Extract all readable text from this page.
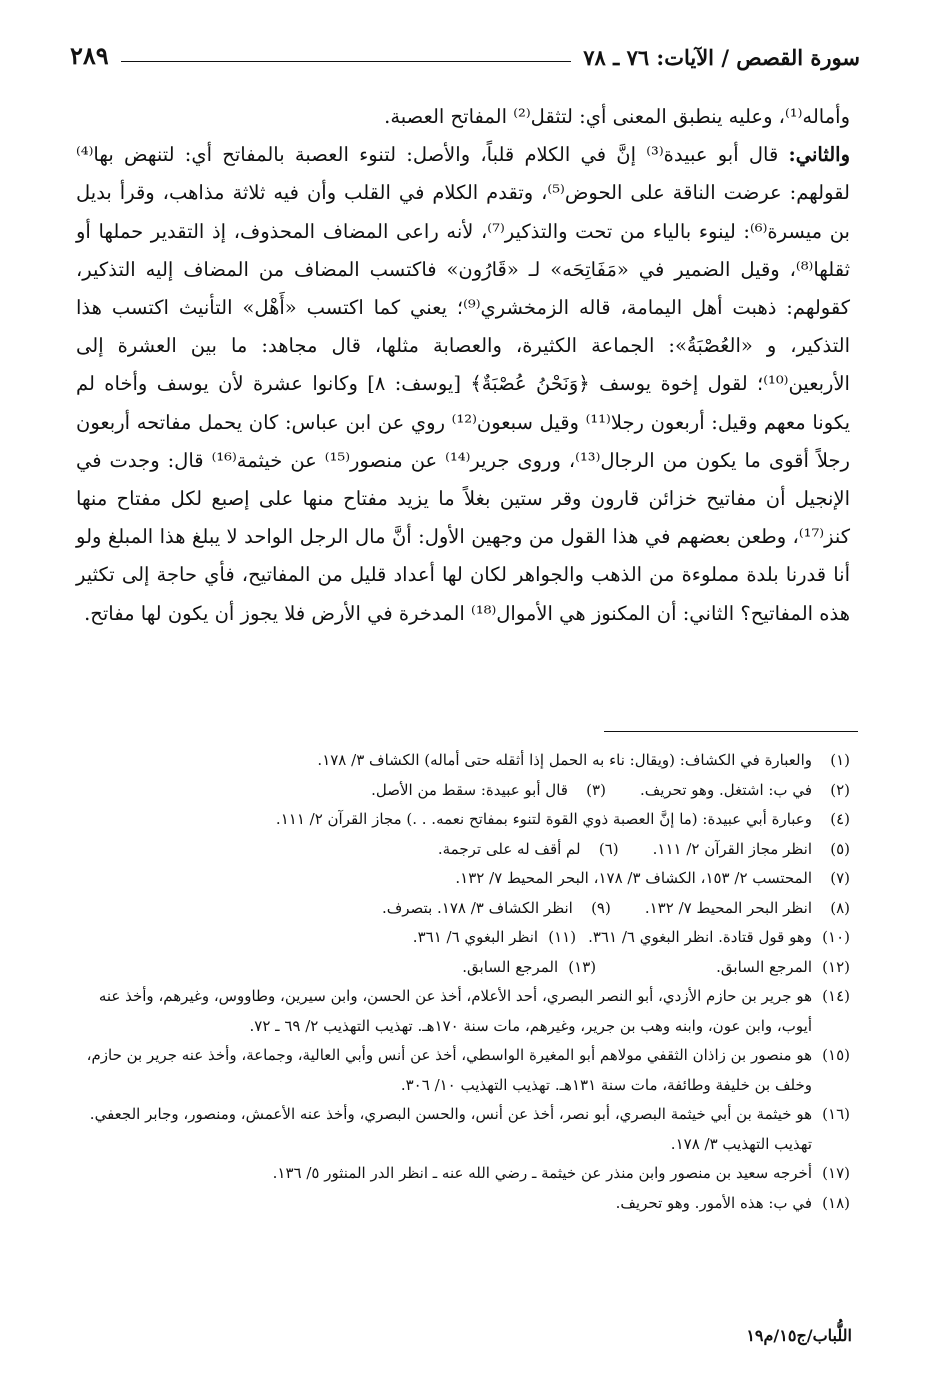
سورة القصص / الآيات: ٧٦ ـ ٧٨
٢٨٩

وأماله⁽¹⁾، وعليه ينطبق المعنى أي: لتثقل⁽²⁾ المفاتح العصبة.

والثاني: قال أبو عبيدة⁽³⁾ إنَّ في الكلام قلباً، والأصل: لتنوء العصبة بالمفاتح أي: لتنهض بها⁽⁴⁾ لقولهم: عرضت الناقة على الحوض⁽⁵⁾، وتقدم الكلام في القلب وأن فيه ثلاثة مذاهب، وقرأ بديل بن ميسرة⁽⁶⁾: لينوء بالياء من تحت والتذكير⁽⁷⁾، لأنه راعى المضاف المحذوف، إذ التقدير حملها أو ثقلها⁽⁸⁾، وقيل الضمير في «مَفَاتِحَه» لـ «قَارُون» فاكتسب المضاف من المضاف إليه التذكير، كقولهم: ذهبت أهل اليمامة، قاله الزمخشري⁽⁹⁾؛ يعني كما اكتسب «أَهْل» التأنيث اكتسب هذا التذكير، و «العُصْبَةُ»: الجماعة الكثيرة، والعصابة مثلها، قال مجاهد: ما بين العشرة إلى الأربعين⁽¹⁰⁾؛ لقول إخوة يوسف ﴿وَنَحْنُ عُصْبَةٌ﴾ [يوسف: ٨] وكانوا عشرة لأن يوسف وأخاه لم يكونا معهم وقيل: أربعون رجلا⁽¹¹⁾ وقيل سبعون⁽¹²⁾ روي عن ابن عباس: كان يحمل مفاتحه أربعون رجلاً أقوى ما يكون من الرجال⁽¹³⁾، وروى جرير⁽¹⁴⁾ عن منصور⁽¹⁵⁾ عن خيثمة⁽¹⁶⁾ قال: وجدت في الإنجيل أن مفاتيح خزائن قارون وقر ستين بغلاً ما يزيد مفتاح منها على إصبع لكل مفتاح منها كنز⁽¹⁷⁾، وطعن بعضهم في هذا القول من وجهين الأول: أنَّ مال الرجل الواحد لا يبلغ هذا المبلغ ولو أنا قدرنا بلدة مملوءة من الذهب والجواهر لكان لها أعداد قليل من المفاتيح، فأي حاجة إلى تكثير هذه المفاتيح؟ الثاني: أن المكنوز هي الأموال⁽¹⁸⁾ المدخرة في الأرض فلا يجوز أن يكون لها مفاتح.

(١)
والعبارة في الكشاف: (ويقال: ناء به الحمل إذا أثقله حتى أماله) الكشاف ٣/ ١٧٨.
(٢)
في ب: اشتغل. وهو تحريف.
(٣)
قال أبو عبيدة: سقط من الأصل.
(٤)
وعبارة أبي عبيدة: (ما إنَّ العصبة ذوي القوة لتنوء بمفاتح نعمه. . .) مجاز القرآن ٢/ ١١١.
(٥)
انظر مجاز القرآن ٢/ ١١١.
(٦)
لم أقف له على ترجمة.
(٧)
المحتسب ٢/ ١٥٣، الكشاف ٣/ ١٧٨، البحر المحيط ٧/ ١٣٢.
(٨)
انظر البحر المحيط ٧/ ١٣٢.
(٩)
انظر الكشاف ٣/ ١٧٨. بتصرف.
(١٠)
وهو قول قتادة. انظر البغوي ٦/ ٣٦١.
(١١)
انظر البغوي ٦/ ٣٦١.
(١٢)
المرجع السابق.
(١٣)
المرجع السابق.
(١٤)
هو جرير بن حازم الأزدي، أبو النصر البصري، أحد الأعلام، أخذ عن الحسن، وابن سيرين، وطاووس، وغيرهم، وأخذ عنه أيوب، وابن عون، وابنه وهب بن جرير، وغيرهم، مات سنة ١٧٠هـ. تهذيب التهذيب ٢/ ٦٩ ـ ٧٢.
(١٥)
هو منصور بن زاذان الثقفي مولاهم أبو المغيرة الواسطي، أخذ عن أنس وأبي العالية، وجماعة، وأخذ عنه جرير بن حازم، وخلف بن خليفة وطائفة، مات سنة ١٣١هـ. تهذيب التهذيب ١٠/ ٣٠٦.
(١٦)
هو خيثمة بن أبي خيثمة البصري، أبو نصر، أخذ عن أنس، والحسن البصري، وأخذ عنه الأعمش، ومنصور، وجابر الجعفي. تهذيب التهذيب ٣/ ١٧٨.
(١٧)
أخرجه سعيد بن منصور وابن منذر عن خيثمة ـ رضي الله عنه ـ انظر الدر المنثور ٥/ ١٣٦.
(١٨)
في ب: هذه الأمور. وهو تحريف.
اللُّباب/ج١٥/م١٩
